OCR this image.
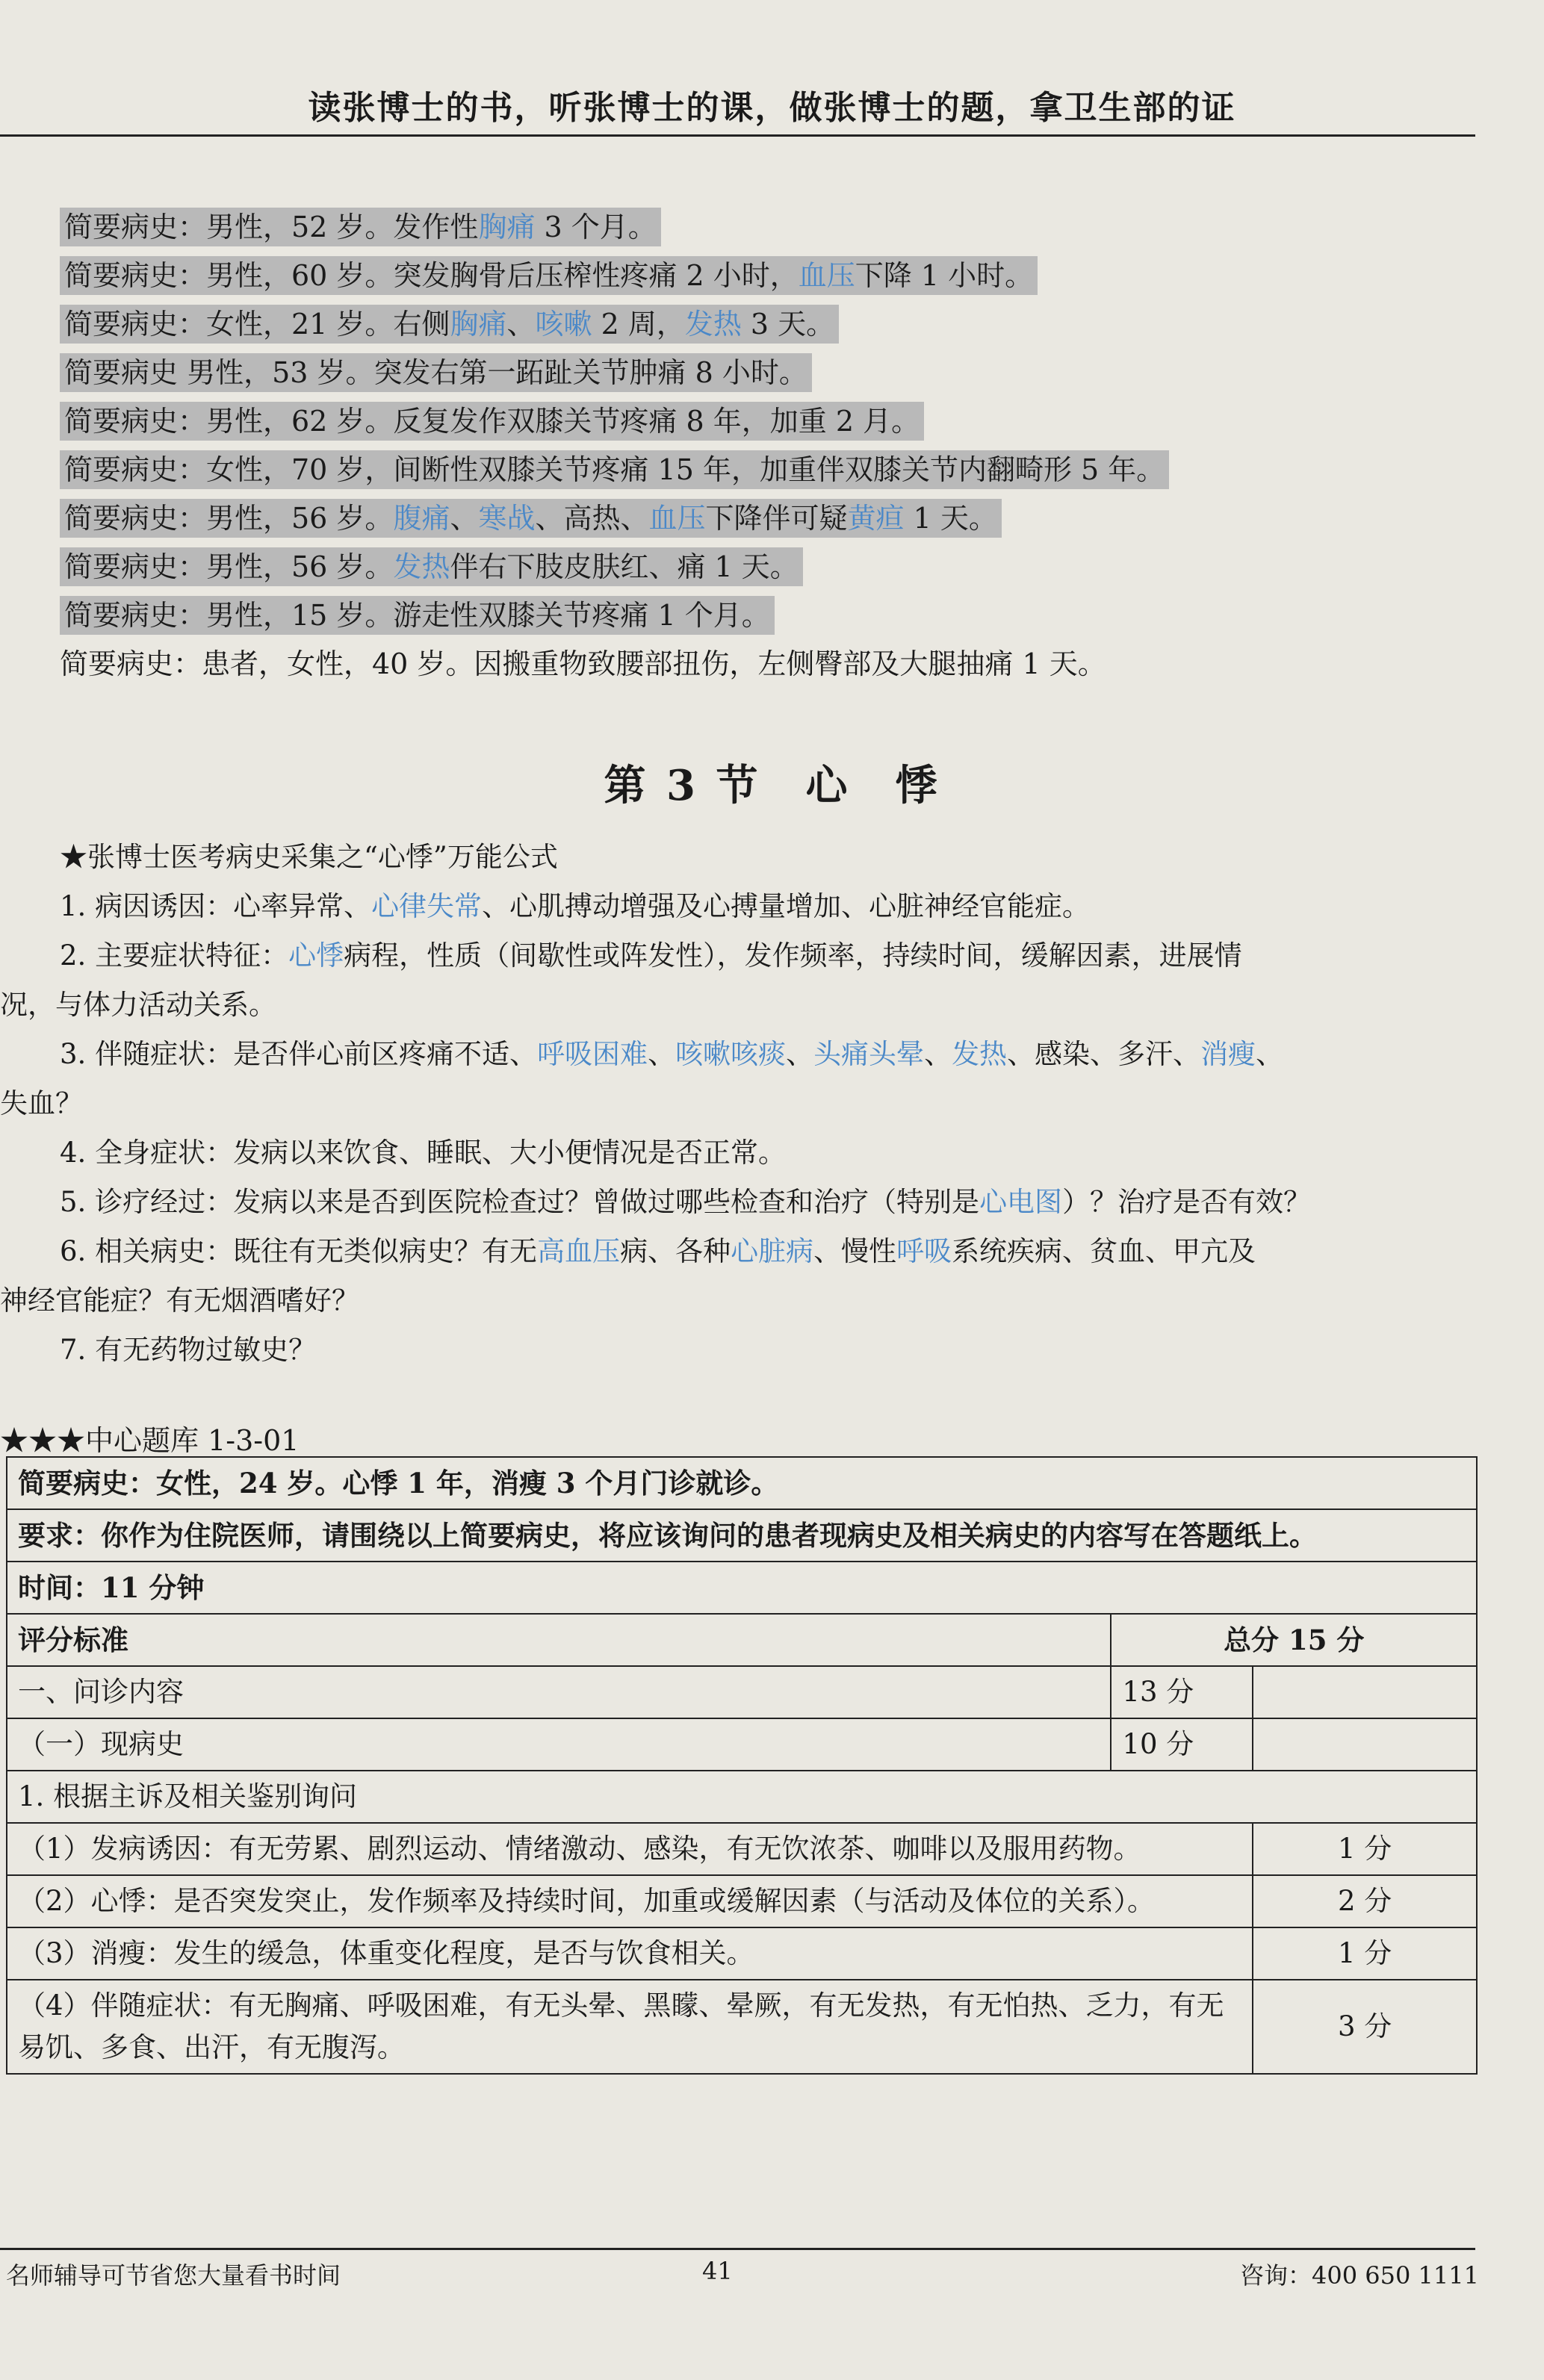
读张博士的书，听张博士的课，做张博士的题，拿卫生部的证
简要病史：男性，52 岁。发作性胸痛 3 个月。
简要病史：男性，60 岁。突发胸骨后压榨性疼痛 2 小时，血压下降 1 小时。
简要病史：女性，21 岁。右侧胸痛、咳嗽 2 周，发热 3 天。
简要病史 男性，53 岁。突发右第一跖趾关节肿痛 8 小时。
简要病史：男性，62 岁。反复发作双膝关节疼痛 8 年，加重 2 月。
简要病史：女性，70 岁，间断性双膝关节疼痛 15 年，加重伴双膝关节内翻畸形 5 年。
简要病史：男性，56 岁。腹痛、寒战、高热、血压下降伴可疑黄疸 1 天。
简要病史：男性，56 岁。发热伴右下肢皮肤红、痛 1 天。
简要病史：男性，15 岁。游走性双膝关节疼痛 1 个月。
简要病史：患者，女性，40 岁。因搬重物致腰部扭伤，左侧臀部及大腿抽痛 1 天。
第 3 节　心　悸

★张博士医考病史采集之“心悸”万能公式

1. 病因诱因：心率异常、心律失常、心肌搏动增强及心搏量增加、心脏神经官能症。

2. 主要症状特征：心悸病程，性质（间歇性或阵发性），发作频率，持续时间，缓解因素，进展情

况，与体力活动关系。

3. 伴随症状：是否伴心前区疼痛不适、呼吸困难、咳嗽咳痰、头痛头晕、发热、感染、多汗、消瘦、

失血？

4. 全身症状：发病以来饮食、睡眠、大小便情况是否正常。

5. 诊疗经过：发病以来是否到医院检查过？曾做过哪些检查和治疗（特别是心电图）？治疗是否有效？

6. 相关病史：既往有无类似病史？有无高血压病、各种心脏病、慢性呼吸系统疾病、贫血、甲亢及

神经官能症？有无烟酒嗜好？

7. 有无药物过敏史？

★★★中心题库 1-3-01
简要病史：女性，24 岁。心悸 1 年，消瘦 3 个月门诊就诊。		
要求：你作为住院医师，请围绕以上简要病史，将应该询问的患者现病史及相关病史的内容写在答题纸上。		
时间：11 分钟		
评分标准	总分 15 分	
一、问诊内容	13 分	
（一）现病史	10 分	
1. 根据主诉及相关鉴别询问		
（1）发病诱因：有无劳累、剧烈运动、情绪激动、感染，有无饮浓茶、咖啡以及服用药物。		1 分
（2）心悸：是否突发突止，发作频率及持续时间，加重或缓解因素（与活动及体位的关系）。		2 分
（3）消瘦：发生的缓急，体重变化程度，是否与饮食相关。		1 分
（4）伴随症状：有无胸痛、呼吸困难，有无头晕、黑矇、晕厥，有无发热，有无怕热、乏力，有无易饥、多食、出汗，有无腹泻。		3 分
名师辅导可节省您大量看书时间	41	咨询：400 650 1111
